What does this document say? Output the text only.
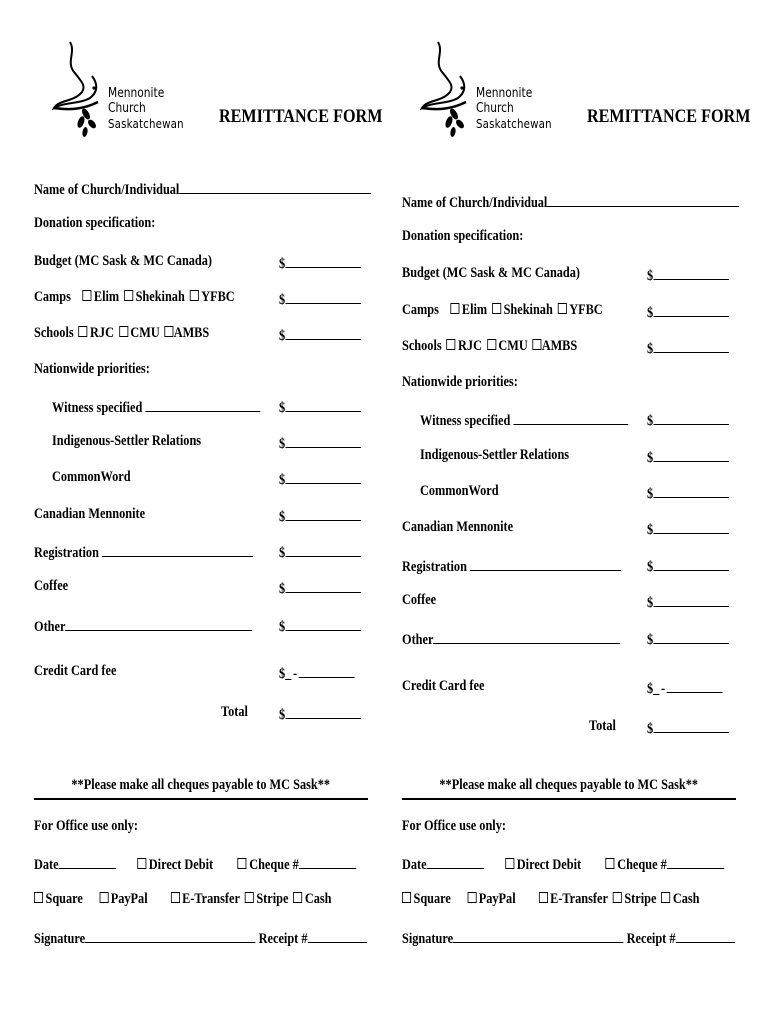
Mennonite
Church
Saskatchewan REMITTANCE FORM
Name of Church/Individual
Donation specification:
Budget (MC Sask & MC Canada)	$
Camps Elim Shekinah YFBC	$
Schools RJC CMU AMBS	$
Nationwide priorities:
Witness specified	$
Indigenous-Settler Relations	$
CommonWord	$
Canadian Mennonite	$
Registration	$
Coffee	$
Other	$
Credit Card fee	$_ -
Total $
**Please make all cheques payable to MC Sask**
For Office use only:
Date	Direct Debit Cheque #
Square PayPal E-Transfer Stripe Cash
Signature	Receipt #
Mennonite
Church
Saskatchewan REMITTANCE FORM
Name of Church/Individual
Donation specification:
Budget (MC Sask & MC Canada)	$
Camps Elim Shekinah YFBC	$
Schools RJC CMU AMBS	$
Nationwide priorities:
Witness specified	$
Indigenous-Settler Relations	$
CommonWord	$
Canadian Mennonite	$
Registration	$
Coffee	$
Other	$
Credit Card fee	$_ -
Total $
**Please make all cheques payable to MC Sask**
For Office use only:
Date	Direct Debit Cheque #
Square PayPal E-Transfer Stripe Cash
Signature	Receipt #
